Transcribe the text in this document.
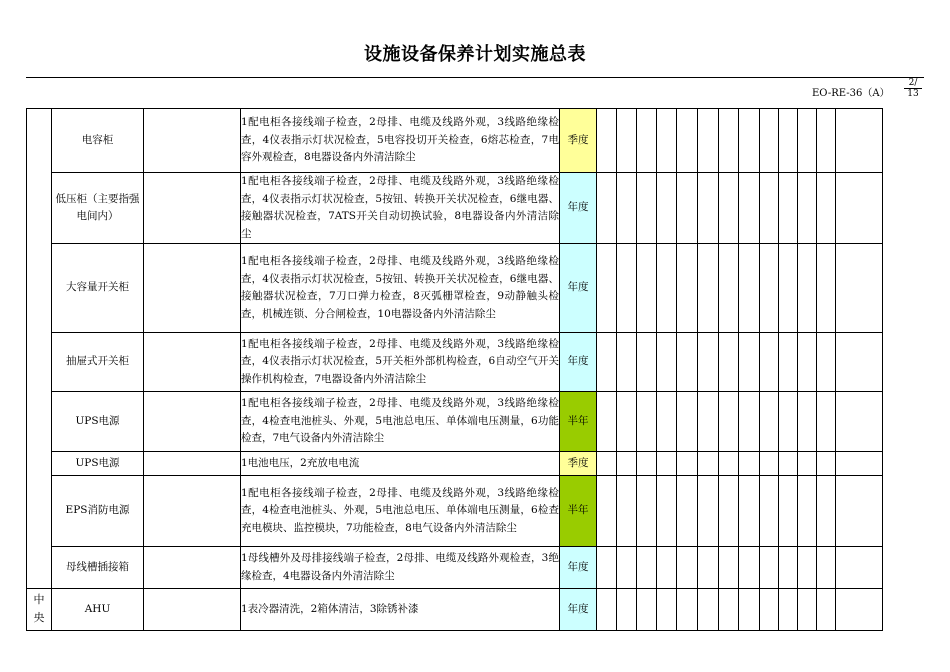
设施设备保养计划实施总表
EO-RE-36（A）
2/
13
	电容柜		1配电柜各接线端子检查，2母排、电缆及线路外观，3线路绝缘检查，4仪表指示灯状况检查，5电容投切开关检查，6熔芯检查，7电容外观检查，8电器设备内外清洁除尘	季度													
	低压柜（主要指强电间内）		1配电柜各接线端子检查，2母排、电缆及线路外观，3线路绝缘检查，4仪表指示灯状况检查，5按钮、转换开关状况检查，6继电器、接触器状况检查，7ATS开关自动切换试验，8电器设备内外清洁除尘	年度													
	大容量开关柜		1配电柜各接线端子检查，2母排、电缆及线路外观，3线路绝缘检查，4仪表指示灯状况检查，5按钮、转换开关状况检查，6继电器、接触器状况检查，7刀口弹力检查，8灭弧栅罩检查，9动静触头检查，机械连锁、分合闸检查，10电器设备内外清洁除尘	年度													
	抽屉式开关柜		1配电柜各接线端子检查，2母排、电缆及线路外观，3线路绝缘检查，4仪表指示灯状况检查，5开关柜外部机构检查，6自动空气开关操作机构检查，7电器设备内外清洁除尘	年度													
	UPS电源		1配电柜各接线端子检查，2母排、电缆及线路外观，3线路绝缘检查，4检查电池桩头、外观，5电池总电压、单体端电压测量，6功能检查，7电气设备内外清洁除尘	半年													
	UPS电源		1电池电压，2充放电电流	季度													
	EPS消防电源		1配电柜各接线端子检查，2母排、电缆及线路外观，3线路绝缘检查，4检查电池桩头、外观，5电池总电压、单体端电压测量，6检查充电模块、监控模块，7功能检查，8电气设备内外清洁除尘	半年													
	母线槽插接箱		1母线槽外及母排接线端子检查，2母排、电缆及线路外观检查，3绝缘检查，4电器设备内外清洁除尘	年度													
中央	AHU		1表冷器清洗，2箱体清洁，3除锈补漆	年度													
